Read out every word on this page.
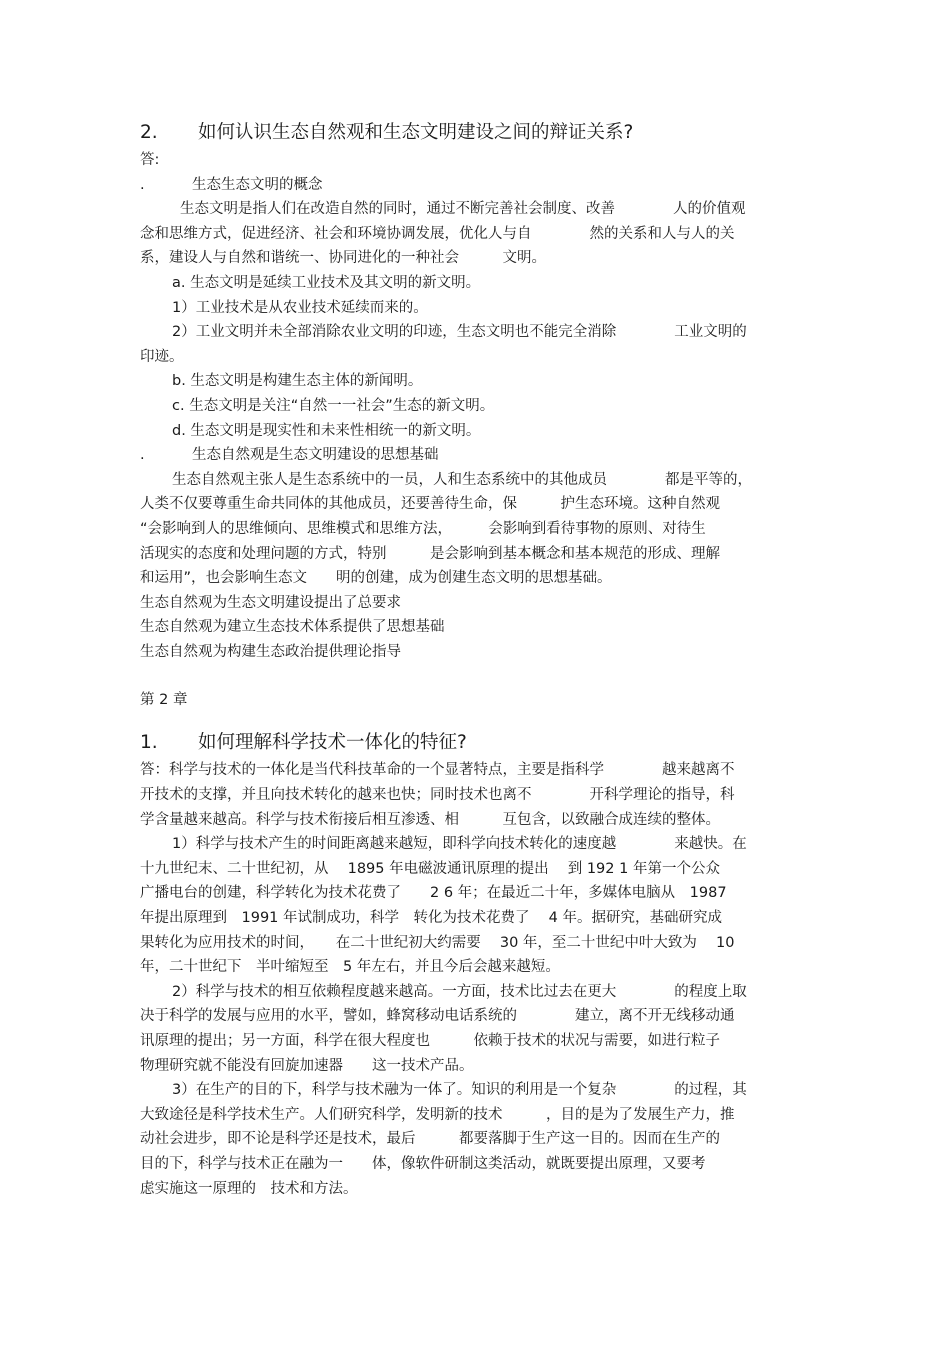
2. 如何认识生态自然观和生态文明建设之间的辩证关系?

答:

.	生态生态文明的概念

生态文明是指人们在改造自然的同时，通过不断完善社会制度、改善　　　　人的价值观

念和思维方式，促进经济、社会和环境协调发展，优化人与自　　　　然的关系和人与人的关

系，建设人与自然和谐统一、协同进化的一种社会　　　文明。

a. 生态文明是延续工业技术及其文明的新文明。

1）工业技术是从农业技术延续而来的。

2）工业文明并未全部消除农业文明的印迹，生态文明也不能完全消除　　　　工业文明的

印迹。

b. 生态文明是构建生态主体的新闻明。

c. 生态文明是关注“自然一一社会”生态的新文明。

d. 生态文明是现实性和未来性相统一的新文明。

.	生态自然观是生态文明建设的思想基础

生态自然观主张人是生态系统中的一员，人和生态系统中的其他成员　　　　都是平等的，

人类不仅要尊重生命共同体的其他成员，还要善待生命，保　　　护生态环境。这种自然观

“会影响到人的思维倾向、思维模式和思维方法，　　　会影响到看待事物的原则、对待生

活现实的态度和处理问题的方式，特别　　　是会影响到基本概念和基本规范的形成、理解

和运用”，也会影响生态文　　明的创建，成为创建生态文明的思想基础。

生态自然观为生态文明建设提出了总要求

生态自然观为建立生态技术体系提供了思想基础

生态自然观为构建生态政治提供理论指导

第 2 章

1. 如何理解科学技术一体化的特征?

答：科学与技术的一体化是当代科技革命的一个显著特点，主要是指科学　　　　越来越离不

开技术的支撑，并且向技术转化的越来也快；同时技术也离不　　　　开科学理论的指导，科

学含量越来越高。科学与技术衔接后相互渗透、相　　　互包含，以致融合成连续的整体。

1）科学与技术产生的时间距离越来越短，即科学向技术转化的速度越　　　　来越快。在

十九世纪末、二十世纪初，从　 1895 年电磁波通讯原理的提出　 到 192 1 年第一个公众

广播电台的创建，科学转化为技术花费了　　2 6 年；在最近二十年，多媒体电脑从　1987

年提出原理到　1991 年试制成功，科学　转化为技术花费了　 4 年。据研究，基础研究成

果转化为应用技术的时间，　　在二十世纪初大约需要　 30 年，至二十世纪中叶大致为　 10

年，二十世纪下　半叶缩短至　5 年左右，并且今后会越来越短。

2）科学与技术的相互依赖程度越来越高。一方面，技术比过去在更大　　　　的程度上取

决于科学的发展与应用的水平，譬如，蜂窝移动电话系统的　　　　建立，离不开无线移动通

讯原理的提出；另一方面，科学在很大程度也　　　依赖于技术的状况与需要，如进行粒子

物理研究就不能没有回旋加速器　　这一技术产品。

3）在生产的目的下，科学与技术融为一体了。知识的利用是一个复杂　　　　的过程，其

大致途径是科学技术生产。人们研究科学，发明新的技术　　　，目的是为了发展生产力，推

动社会进步，即不论是科学还是技术，最后　　　都要落脚于生产这一目的。因而在生产的

目的下，科学与技术正在融为一　　体，像软件研制这类活动，就既要提出原理，又要考

虑实施这一原理的　技术和方法。
